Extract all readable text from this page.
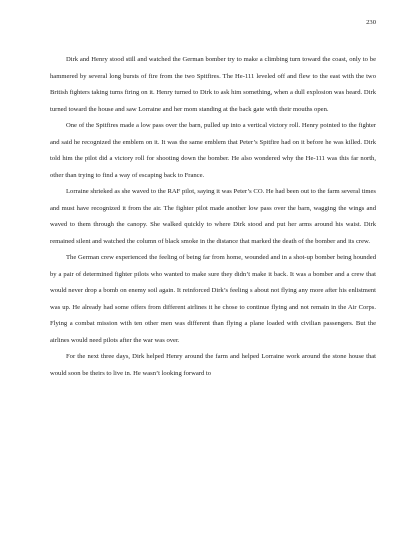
230

Dirk and Henry stood still and watched the German bomber try to make a climbing turn toward the coast, only to be hammered by several long bursts of fire from the two Spitfires. The He-111 leveled off and flew to the east with the two British fighters taking turns firing on it. Henry turned to Dirk to ask him something, when a dull explosion was heard. Dirk turned toward the house and saw Lorraine and her mom standing at the back gate with their mouths open.

One of the Spitfires made a low pass over the barn, pulled up into a vertical victory roll. Henry pointed to the fighter and said he recognized the emblem on it. It was the same emblem that Peter’s Spitfire had on it before he was killed. Dirk told him the pilot did a victory roll for shooting down the bomber. He also wondered why the He-111 was this far north, other than trying to find a way of escaping back to France.

Lorraine shrieked as she waved to the RAF pilot, saying it was Peter’s CO. He had been out to the farm several times and must have recognized it from the air. The fighter pilot made another low pass over the barn, wagging the wings and waved to them through the canopy. She walked quickly to where Dirk stood and put her arms around his waist. Dirk remained silent and watched the column of black smoke in the distance that marked the death of the bomber and its crew.

The German crew experienced the feeling of being far from home, wounded and in a shot-up bomber being hounded by a pair of determined fighter pilots who wanted to make sure they didn’t make it back. It was a bomber and a crew that would never drop a bomb on enemy soil again. It reinforced Dirk’s feeling s about not flying any more after his enlistment was up. He already had some offers from different airlines it he chose to continue flying and not remain in the Air Corps. Flying a combat mission with ten other men was different than flying a plane loaded with civilian passengers. But the airlines would need pilots after the war was over.

For the next three days, Dirk helped Henry around the farm and helped Lorraine work around the stone house that would soon be theirs to live in. He wasn’t looking forward to
